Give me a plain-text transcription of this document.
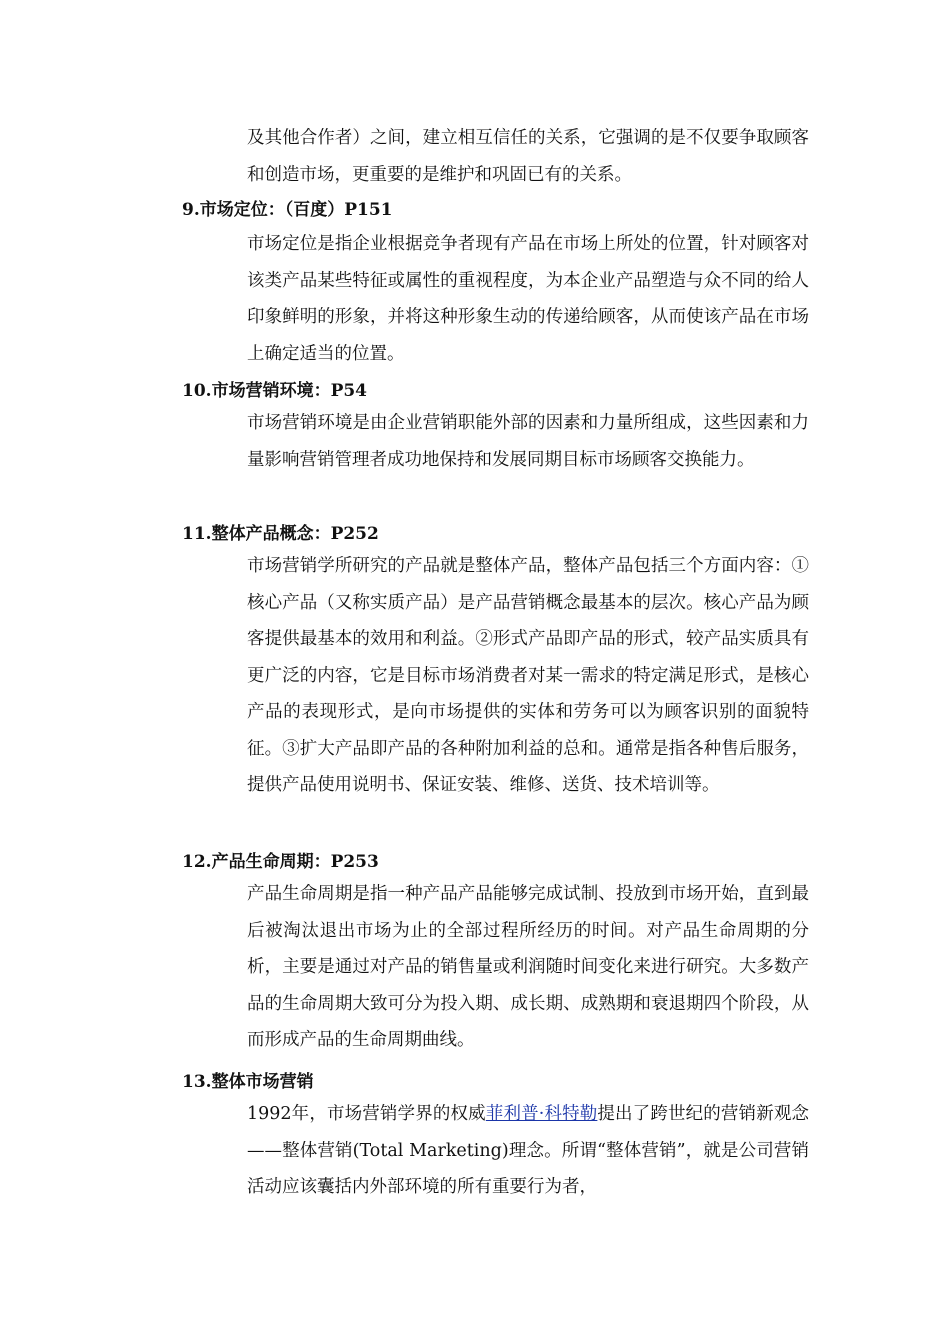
及其他合作者）之间，建立相互信任的关系，它强调的是不仅要争取顾客和创造市场，更重要的是维护和巩固已有的关系。

9.市场定位：（百度）P151

市场定位是指企业根据竞争者现有产品在市场上所处的位置，针对顾客对该类产品某些特征或属性的重视程度，为本企业产品塑造与众不同的给人印象鲜明的形象，并将这种形象生动的传递给顾客，从而使该产品在市场上确定适当的位置。

10.市场营销环境：P54

市场营销环境是由企业营销职能外部的因素和力量所组成，这些因素和力量影响营销管理者成功地保持和发展同期目标市场顾客交换能力。

11.整体产品概念：P252

市场营销学所研究的产品就是整体产品，整体产品包括三个方面内容：①核心产品（又称实质产品）是产品营销概念最基本的层次。核心产品为顾客提供最基本的效用和利益。②形式产品即产品的形式，较产品实质具有更广泛的内容，它是目标市场消费者对某一需求的特定满足形式，是核心产品的表现形式，是向市场提供的实体和劳务可以为顾客识别的面貌特征。③扩大产品即产品的各种附加利益的总和。通常是指各种售后服务，提供产品使用说明书、保证安装、维修、送货、技术培训等。

12.产品生命周期：P253

产品生命周期是指一种产品产品能够完成试制、投放到市场开始，直到最后被淘汰退出市场为止的全部过程所经历的时间。对产品生命周期的分析，主要是通过对产品的销售量或利润随时间变化来进行研究。大多数产品的生命周期大致可分为投入期、成长期、成熟期和衰退期四个阶段，从而形成产品的生命周期曲线。

13.整体市场营销

1992年，市场营销学界的权威菲利普·科特勒提出了跨世纪的营销新观念——整体营销(Total Marketing)理念。所谓“整体营销”，就是公司营销活动应该囊括内外部环境的所有重要行为者，
